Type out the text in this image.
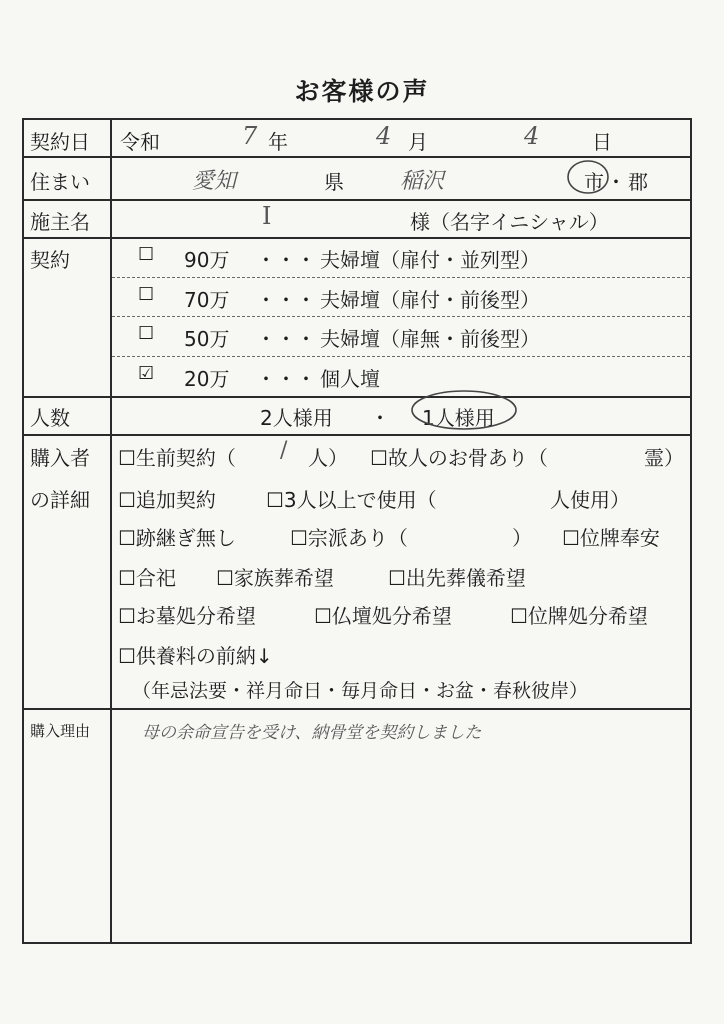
お客様の声
契約日 令和	7 年	4 月	4	日
住まい	愛知	県	稲沢	市 ・ 郡
施主名	I	様（名字イニシャル）
契約	☐ 90万 ・・・ 夫婦壇（扉付・並列型）
☐ 70万 ・・・ 夫婦壇（扉付・前後型）
☐ 50万 ・・・ 夫婦壇（扉無・前後型）
☑ 20万 ・・・ 個人壇
人数	2人様用 ・ 1人様用
購入者
の詳細
☐生前契約（ / 人） ☐故人のお骨あり（	霊）
☐追加契約	☐3人以上で使用（	人使用）
☐跡継ぎ無し	☐宗派あり（	） ☐位牌奉安
☐合祀 ☐家族葬希望	☐出先葬儀希望
☐お墓処分希望	☐仏壇処分希望	☐位牌処分希望
☐供養料の前納↓
（年忌法要・祥月命日・毎月命日・お盆・春秋彼岸）
購入理由	母の余命宣告を受け、納骨堂を契約しました
